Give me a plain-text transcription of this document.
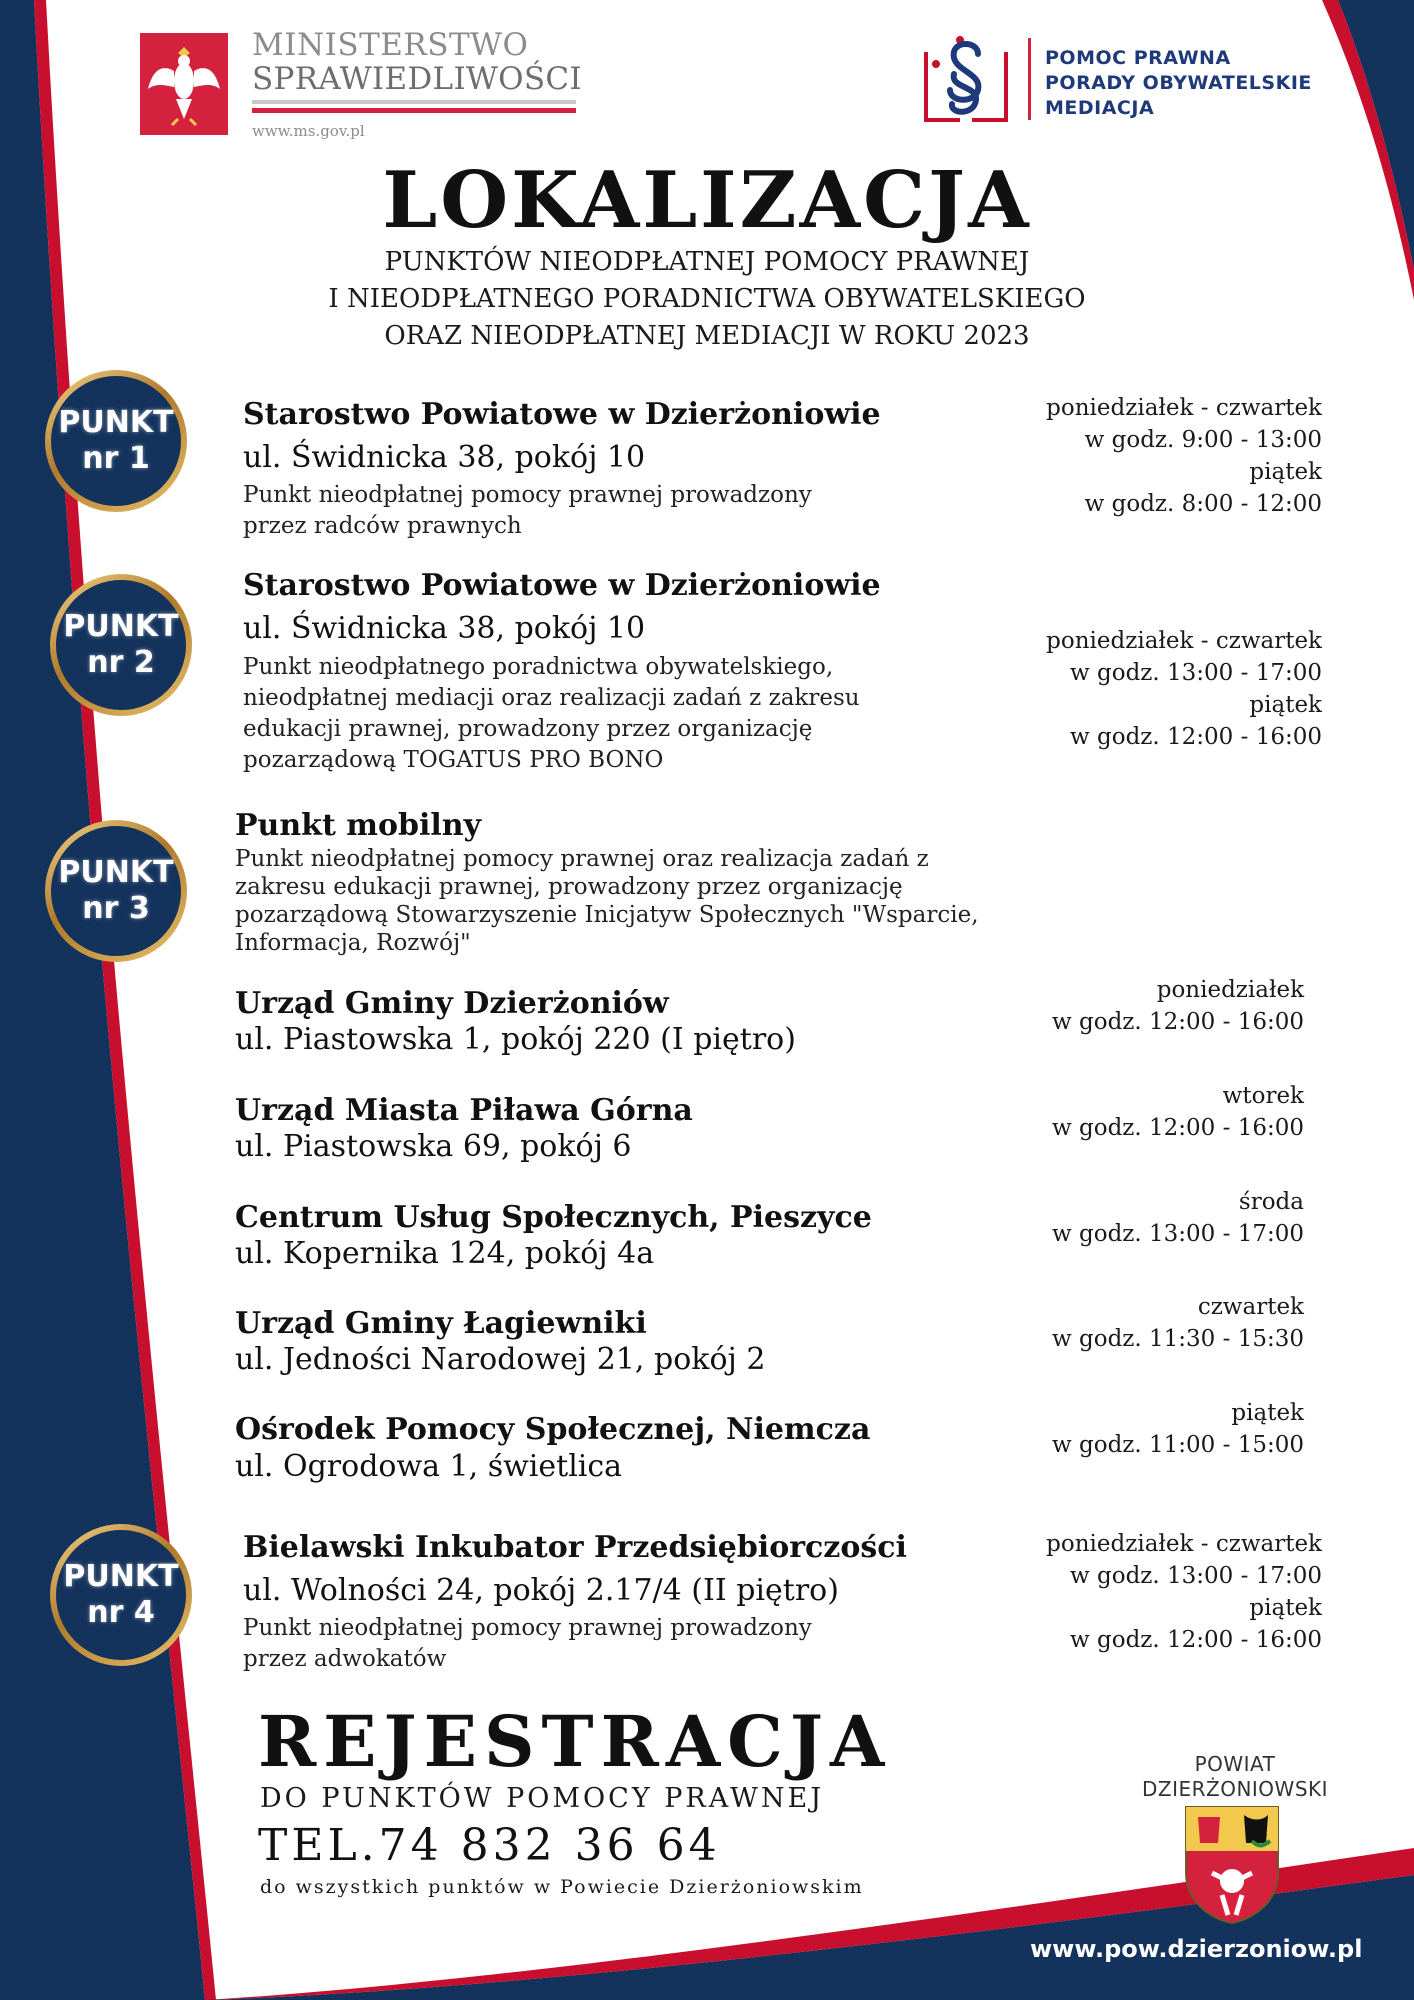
MINISTERSTWO
SPRAWIEDLIWOŚCI
www.ms.gov.pl
POMOC PRAWNA
PORADY OBYWATELSKIE
MEDIACJA
LOKALIZACJA
PUNKTÓW NIEODPŁATNEJ POMOCY PRAWNEJ
I NIEODPŁATNEGO PORADNICTWA OBYWATELSKIEGO
ORAZ NIEODPŁATNEJ MEDIACJI W ROKU 2023
PUNKT
nr 1
Starostwo Powiatowe w Dzierżoniowie
ul. Świdnicka 38, pokój 10
Punkt nieodpłatnej pomocy prawnej prowadzony
przez radców prawnych
poniedziałek - czwartek
w godz. 9:00 - 13:00
piątek
w godz. 8:00 - 12:00
PUNKT
nr 2
Starostwo Powiatowe w Dzierżoniowie
ul. Świdnicka 38, pokój 10
Punkt nieodpłatnego poradnictwa obywatelskiego,
nieodpłatnej mediacji oraz realizacji zadań z zakresu
edukacji prawnej, prowadzony przez organizację
pozarządową TOGATUS PRO BONO
poniedziałek - czwartek
w godz. 13:00 - 17:00
piątek
w godz. 12:00 - 16:00
PUNKT
nr 3
Punkt mobilny
Punkt nieodpłatnej pomocy prawnej oraz realizacja zadań z
zakresu edukacji prawnej, prowadzony przez organizację
pozarządową Stowarzyszenie Inicjatyw Społecznych "Wsparcie,
Informacja, Rozwój"
Urząd Gminy Dzierżoniów
ul. Piastowska 1, pokój 220 (I piętro)
poniedziałek
w godz. 12:00 - 16:00
Urząd Miasta Piława Górna
ul. Piastowska 69, pokój 6
wtorek
w godz. 12:00 - 16:00
Centrum Usług Społecznych, Pieszyce
ul. Kopernika 124, pokój 4a
środa
w godz. 13:00 - 17:00
Urząd Gminy Łagiewniki
ul. Jedności Narodowej 21, pokój 2
czwartek
w godz. 11:30 - 15:30
Ośrodek Pomocy Społecznej, Niemcza
ul. Ogrodowa 1, świetlica
piątek
w godz. 11:00 - 15:00
PUNKT
nr 4
Bielawski Inkubator Przedsiębiorczości
ul. Wolności 24, pokój 2.17/4 (II piętro)
Punkt nieodpłatnej pomocy prawnej prowadzony
przez adwokatów
poniedziałek - czwartek
w godz. 13:00 - 17:00
piątek
w godz. 12:00 - 16:00
REJESTRACJA
DO PUNKTÓW POMOCY PRAWNEJ
TEL.74 832 36 64
do wszystkich punktów w Powiecie Dzierżoniowskim
POWIAT
DZIERŻONIOWSKI
www.pow.dzierzoniow.pl
